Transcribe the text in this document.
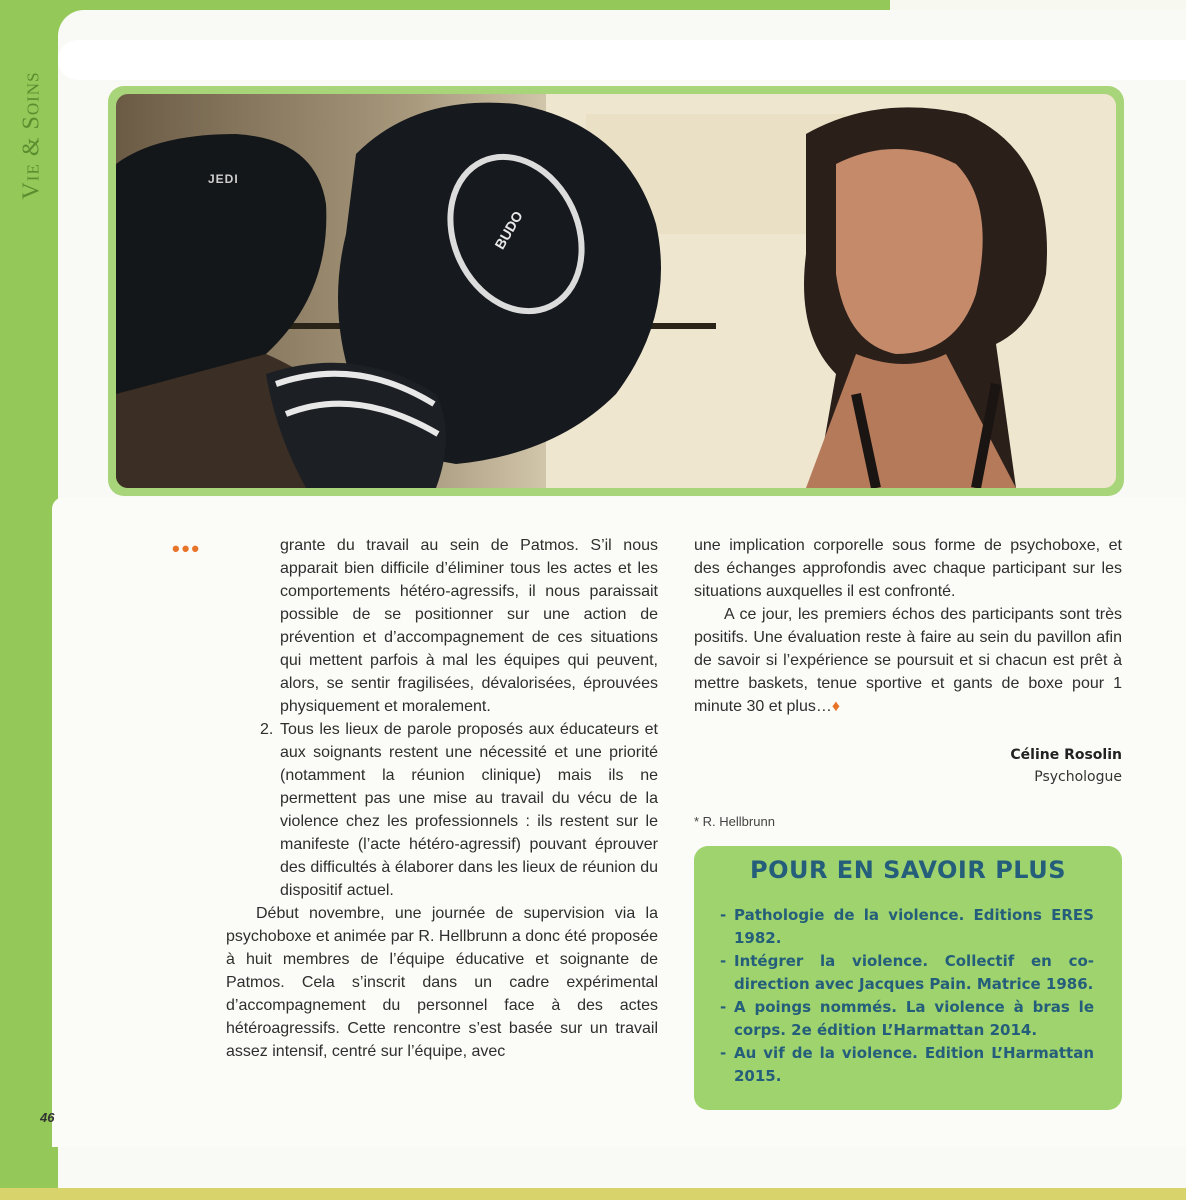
Vie & Soins	JEDI
BUDO
•••	grante du travail au sein de Patmos. S’il nous apparait bien difficile d’éliminer tous les actes et les comportements hétéro-agressifs, il nous paraissait possible de se positionner sur une action de prévention et d’accompagnement de ces situations qui mettent parfois à mal les équipes qui peuvent, alors, se sentir fragilisées, dévalorisées, éprouvées physiquement et moralement.

2. Tous les lieux de parole proposés aux éducateurs et aux soignants restent une nécessité et une priorité (notamment la réunion clinique) mais ils ne permettent pas une mise au travail du vécu de la violence chez les professionnels : ils restent sur le manifeste (l’acte hétéro-agressif) pouvant éprouver des difficultés à élaborer dans les lieux de réunion du dispositif actuel.

Début novembre, une journée de supervision via la psychoboxe et animée par R. Hellbrunn a donc été proposée à huit membres de l’équipe éducative et soignante de Patmos. Cela s’inscrit dans un cadre expérimental d’accompagnement du personnel face à des actes hétéroagressifs. Cette rencontre s’est basée sur un travail assez intensif, centré sur l’équipe, avec

une implication corporelle sous forme de psychoboxe, et des échanges approfondis avec chaque participant sur les situations auxquelles il est confronté.

A ce jour, les premiers échos des participants sont très positifs. Une évaluation reste à faire au sein du pavillon afin de savoir si l’expérience se poursuit et si chacun est prêt à mettre baskets, tenue sportive et gants de boxe pour 1 minute 30 et plus…♦

Céline Rosolin
Psychologue
* R. Hellbrunn
POUR EN SAVOIR PLUS
- Pathologie de la violence. Editions ERES 1982.
- Intégrer la violence. Collectif en co-direction avec Jacques Pain. Matrice 1986.
- A poings nommés. La violence à bras le corps. 2e édition L’Harmattan 2014.
- Au vif de la violence. Edition L’Harmattan 2015.
46
